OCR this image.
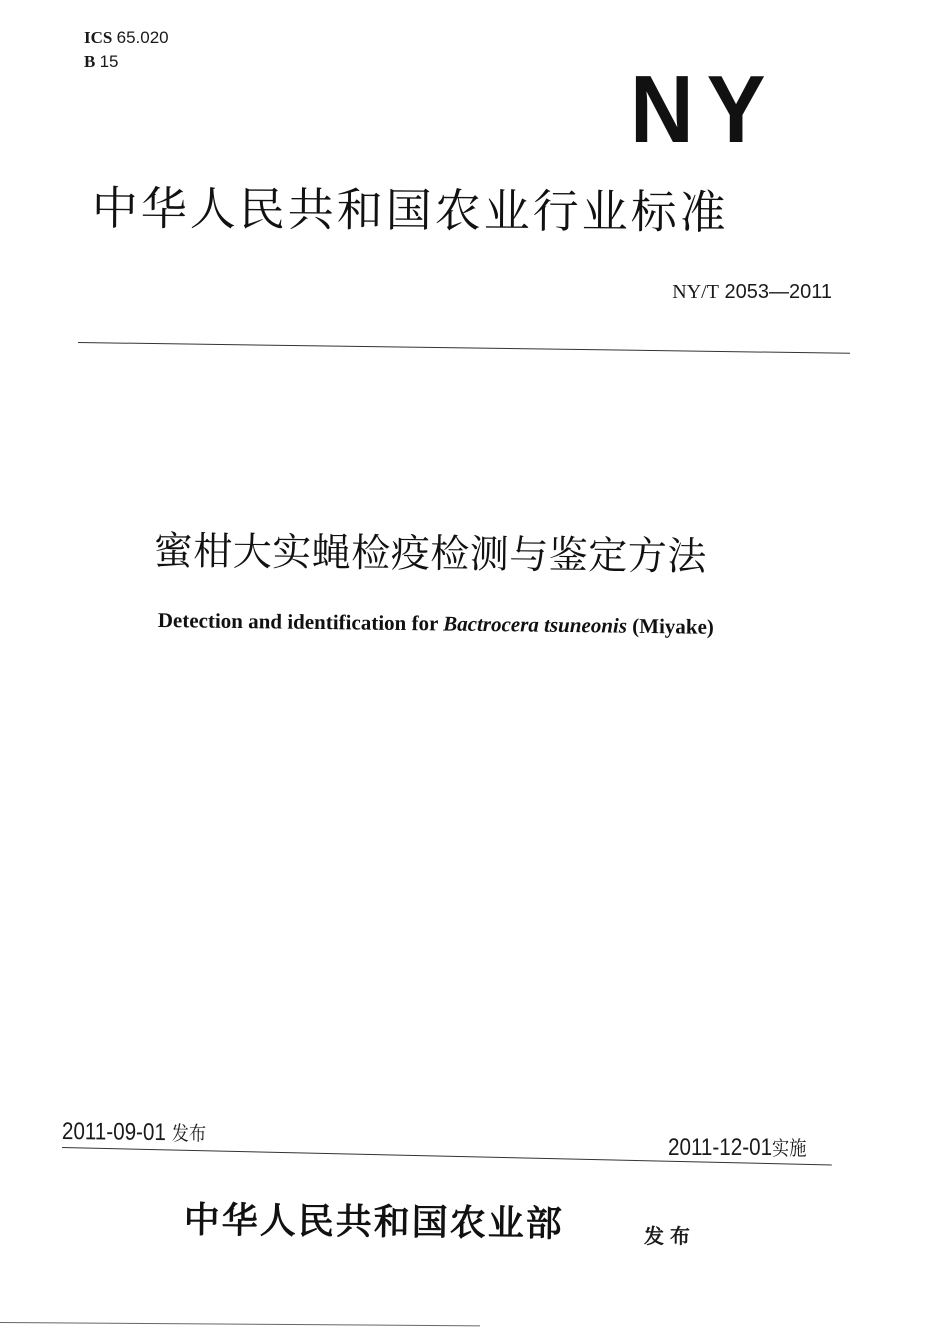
ICS 65.020
B 15	NY
中华人民共和国农业行业标准
NY/T 2053—2011
蜜柑大实蝇检疫检测与鉴定方法
Detection and identification for Bactrocera tsuneonis (Miyake)
2011-09-01 发布
2011-12-01实施
中华人民共和国农业部	发布
